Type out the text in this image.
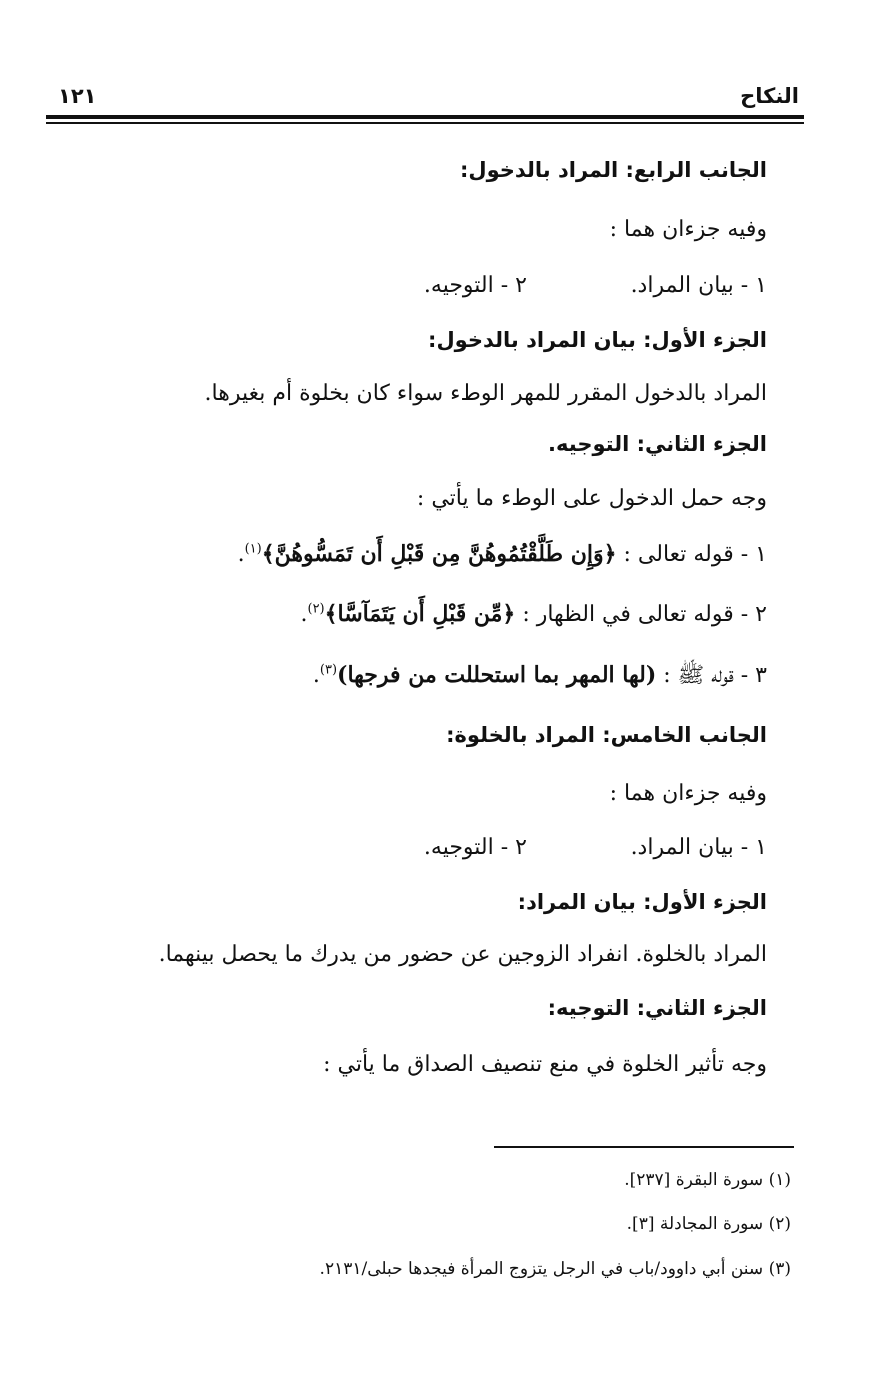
النكاح
١٢١
الجانب الرابع: المراد بالدخول:
وفيه جزءان هما :
١ - بيان المراد.
٢ - التوجيه.
الجزء الأول: بيان المراد بالدخول:
المراد بالدخول المقرر للمهر الوطء سواء كان بخلوة أم بغيرها.
الجزء الثاني: التوجيه.
وجه حمل الدخول على الوطء ما يأتي :
١ - قوله تعالى : ﴿وَإِن طَلَّقْتُمُوهُنَّ مِن قَبْلِ أَن تَمَسُّوهُنَّ﴾$^{(١)}$.
٢ - قوله تعالى في الظهار : ﴿مِّن قَبْلِ أَن يَتَمَآسَّا﴾$^{(٢)}$.
٣ - قوله ﷺ : (لها المهر بما استحللت من فرجها)$^{(٣)}$.
الجانب الخامس: المراد بالخلوة:
وفيه جزءان هما :
١ - بيان المراد.
٢ - التوجيه.
الجزء الأول: بيان المراد:
المراد بالخلوة. انفراد الزوجين عن حضور من يدرك ما يحصل بينهما.
الجزء الثاني: التوجيه:
وجه تأثير الخلوة في منع تنصيف الصداق ما يأتي :
(١) سورة البقرة [٢٣٧].
(٢) سورة المجادلة [٣].
(٣) سنن أبي داوود/باب في الرجل يتزوج المرأة فيجدها حبلى/٢١٣١.
